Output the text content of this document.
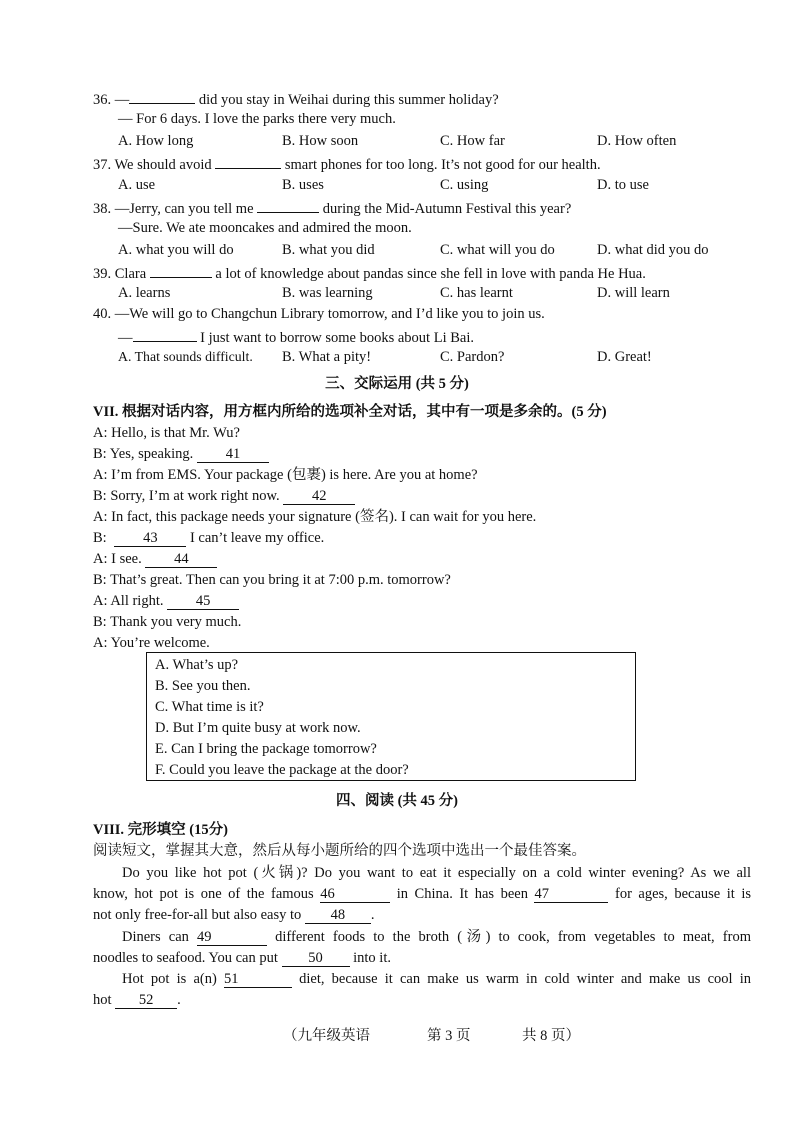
36. —	did you stay in Weihai during this summer holiday?
— For 6 days. I love the parks there very much.
A. How long	B. How soon	C. How far	D. How often
37. We should avoid	smart phones for too long. It’s not good for our health.
A. use	B. uses	C. using	D. to use
38. —Jerry, can you tell me	during the Mid-Autumn Festival this year?
—Sure. We ate mooncakes and admired the moon.
A. what you will do	B. what you did	C. what will you do	D. what did you do
39. Clara	a lot of knowledge about pandas since she fell in love with panda He Hua.
A. learns	B. was learning	C. has learnt	D. will learn
40. —We will go to Changchun Library tomorrow, and I’d like you to join us.
—	I just want to borrow some books about Li Bai.
A. That sounds difficult. B. What a pity!	C. Pardon?	D. Great!
三、交际运用 (共 5 分)
VII. 根据对话内容，用方框内所给的选项补全对话，其中有一项是多余的。(5 分)
A: Hello, is that Mr. Wu?
B: Yes, speaking. 41
A: I’m from EMS. Your package (包裹) is here. Are you at home?
B: Sorry, I’m at work right now. 42
A: In fact, this package needs your signature (签名). I can wait for you here.
B: 43 I can’t leave my office.
A: I see. 44
B: That’s great. Then can you bring it at 7:00 p.m. tomorrow?
A: All right. 45
B: Thank you very much.
A: You’re welcome.
A. What’s up?
B. See you then.
C. What time is it?
D. But I’m quite busy at work now.
E. Can I bring the package tomorrow?
F. Could you leave the package at the door?
四、阅读 (共 45 分)
VIII. 完形填空 (15分)
阅读短文，掌握其大意，然后从每小题所给的四个选项中选出一个最佳答案。
Do you like hot pot (火锅)? Do you want to eat it especially on a cold winter evening? As we all
know, hot pot is one of the famous 46	in China. It has been 47	for ages, because it is
not only free-for-all but also easy to 48 .
Diners can 49	different foods to the broth (汤) to cook, from vegetables to meat, from
noodles to seafood. You can put 50 into it.
Hot pot is a(n) 51	diet, because it can make us warm in cold winter and make us cool in
hot 52 .
（九年级英语	第 3 页	共 8 页）
